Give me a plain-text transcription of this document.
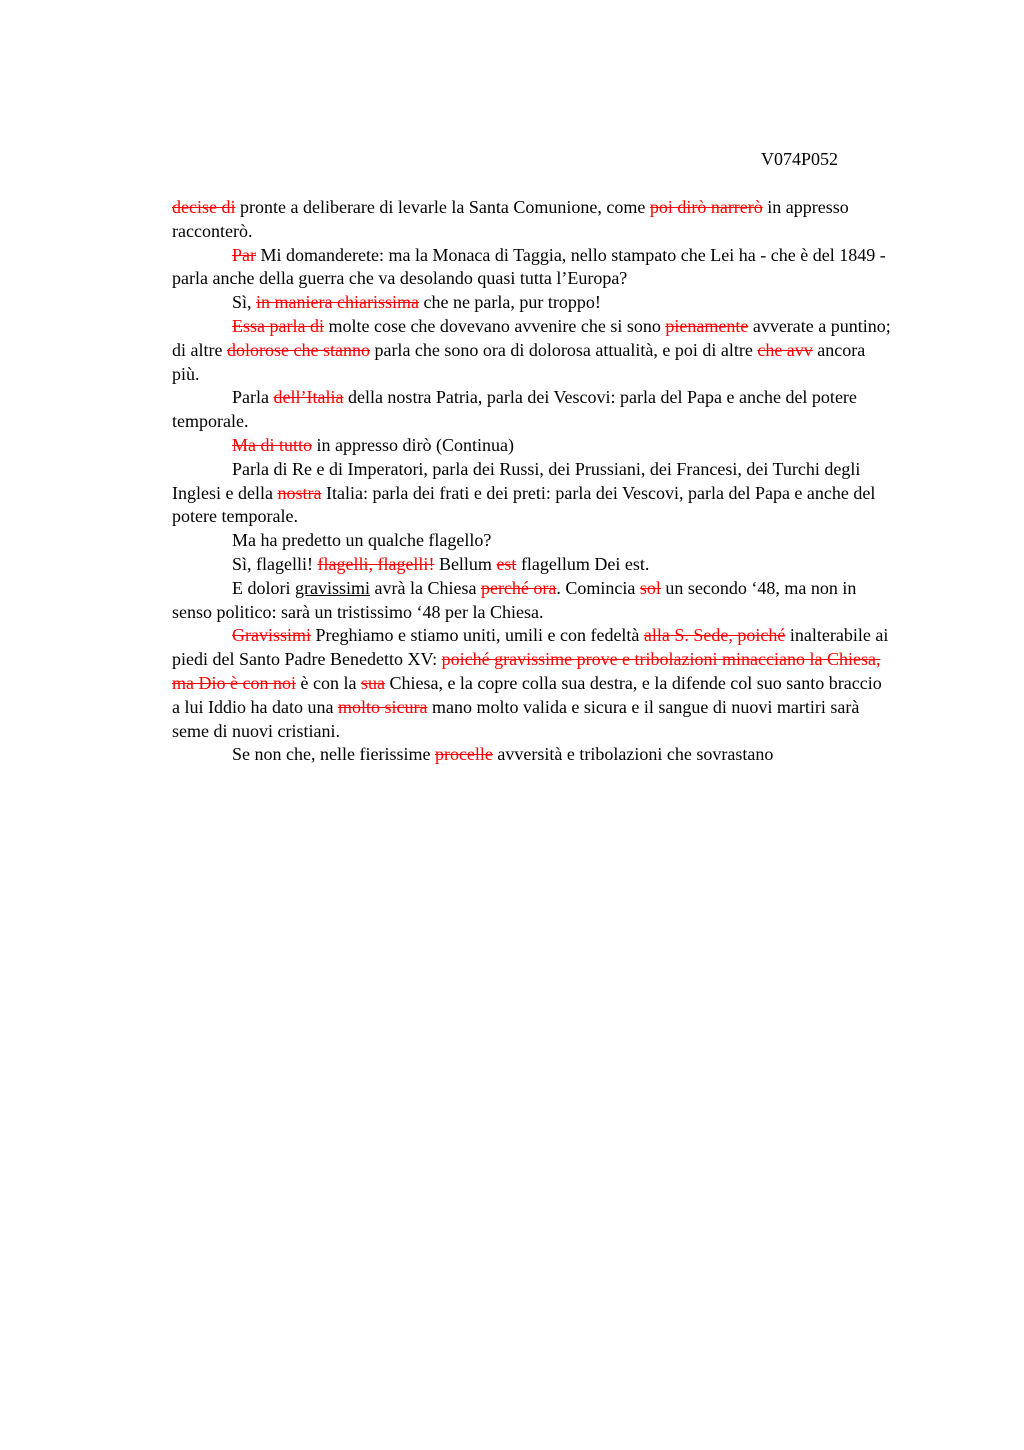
V074P052

decise di pronte a deliberare di levarle la Santa Comunione, come poi dirò narrerò in appresso racconterò.

Par Mi domanderete: ma la Monaca di Taggia, nello stampato che Lei ha - che è del 1849 - parla anche della guerra che va desolando quasi tutta l’Europa?

Sì, in maniera chiarissima che ne parla, pur troppo!

Essa parla di molte cose che dovevano avvenire che si sono pienamente avverate a puntino; di altre dolorose che stanno parla che sono ora di dolorosa attualità, e poi di altre che avv ancora più.

Parla dell’Italia della nostra Patria, parla dei Vescovi: parla del Papa e anche del potere temporale.

Ma di tutto in appresso dirò (Continua)

Parla di Re e di Imperatori, parla dei Russi, dei Prussiani, dei Francesi, dei Turchi degli Inglesi e della nostra Italia: parla dei frati e dei preti: parla dei Vescovi, parla del Papa e anche del potere temporale.

Ma ha predetto un qualche flagello?

Sì, flagelli! flagelli, flagelli! Bellum est flagellum Dei est.

E dolori gravissimi avrà la Chiesa perché ora. Comincia sol un secondo ‘48, ma non in senso politico: sarà un tristissimo ‘48 per la Chiesa.

Gravissimi Preghiamo e stiamo uniti, umili e con fedeltà alla S. Sede, poiché inalterabile ai piedi del Santo Padre Benedetto XV: poiché gravissime prove e tribolazioni minacciano la Chiesa, ma Dio è con noi è con la sua Chiesa, e la copre colla sua destra, e la difende col suo santo braccio a lui Iddio ha dato una molto sicura mano molto valida e sicura e il sangue di nuovi martiri sarà seme di nuovi cristiani.

Se non che, nelle fierissime procelle avversità e tribolazioni che sovrastano
